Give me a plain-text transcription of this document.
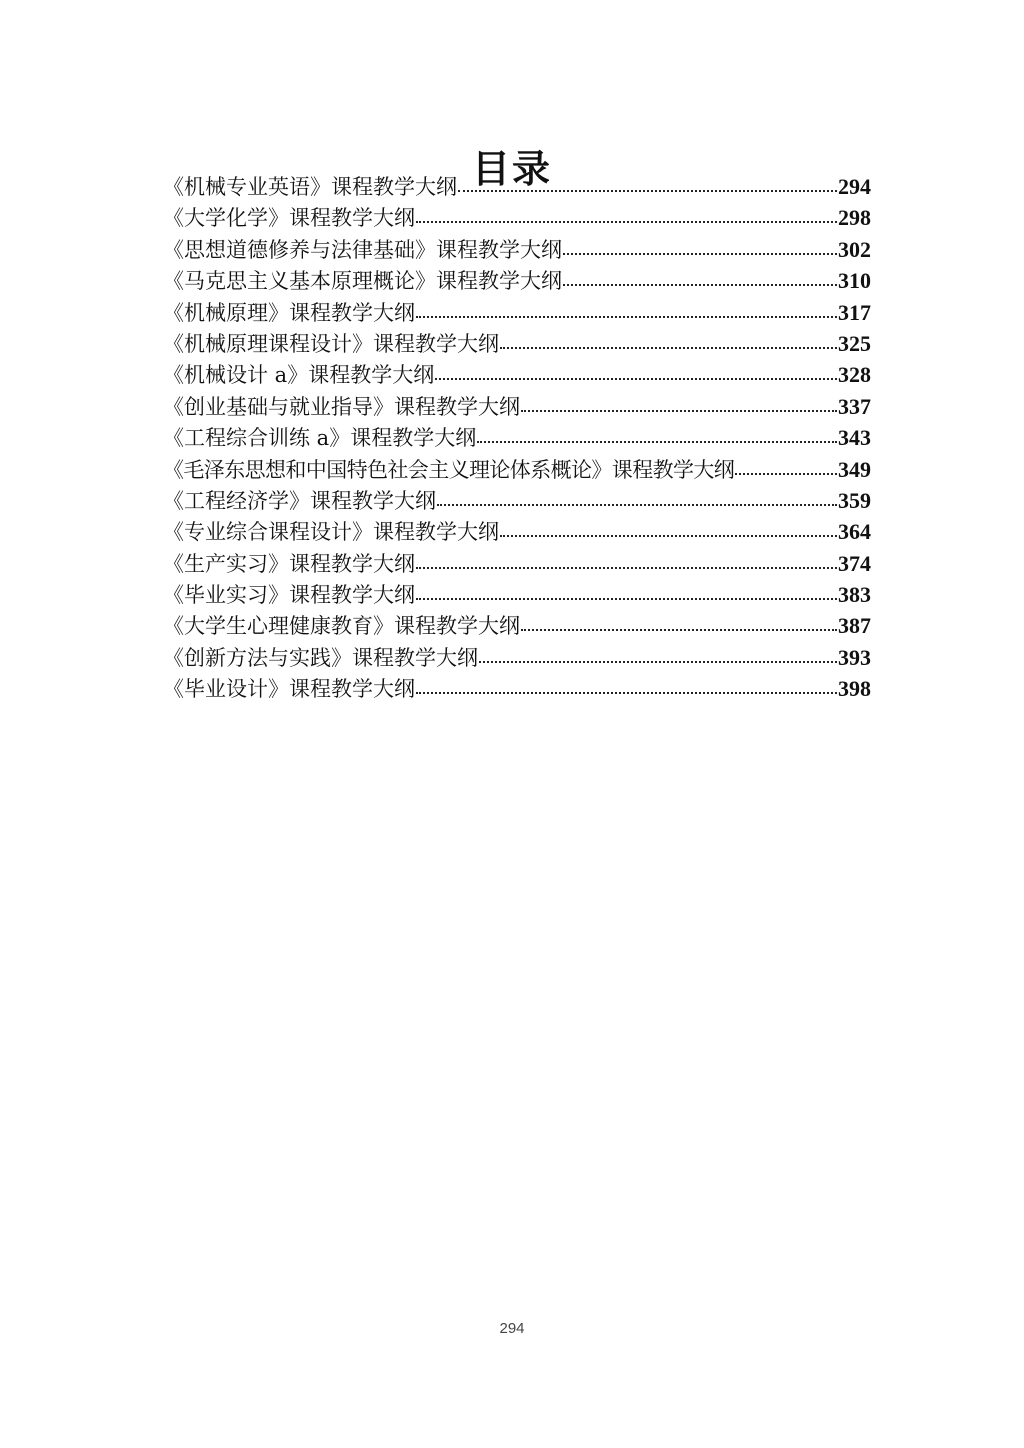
目录
《机械专业英语》课程教学大纲	294
《大学化学》课程教学大纲	298
《思想道德修养与法律基础》课程教学大纲	302
《马克思主义基本原理概论》课程教学大纲	310
《机械原理》课程教学大纲	317
《机械原理课程设计》课程教学大纲	325
《机械设计 a》课程教学大纲	328
《创业基础与就业指导》课程教学大纲	337
《工程综合训练 a》课程教学大纲	343
《毛泽东思想和中国特色社会主义理论体系概论》课程教学大纲	349
《工程经济学》课程教学大纲	359
《专业综合课程设计》课程教学大纲	364
《生产实习》课程教学大纲	374
《毕业实习》课程教学大纲	383
《大学生心理健康教育》课程教学大纲	387
《创新方法与实践》课程教学大纲	393
《毕业设计》课程教学大纲	398
294
